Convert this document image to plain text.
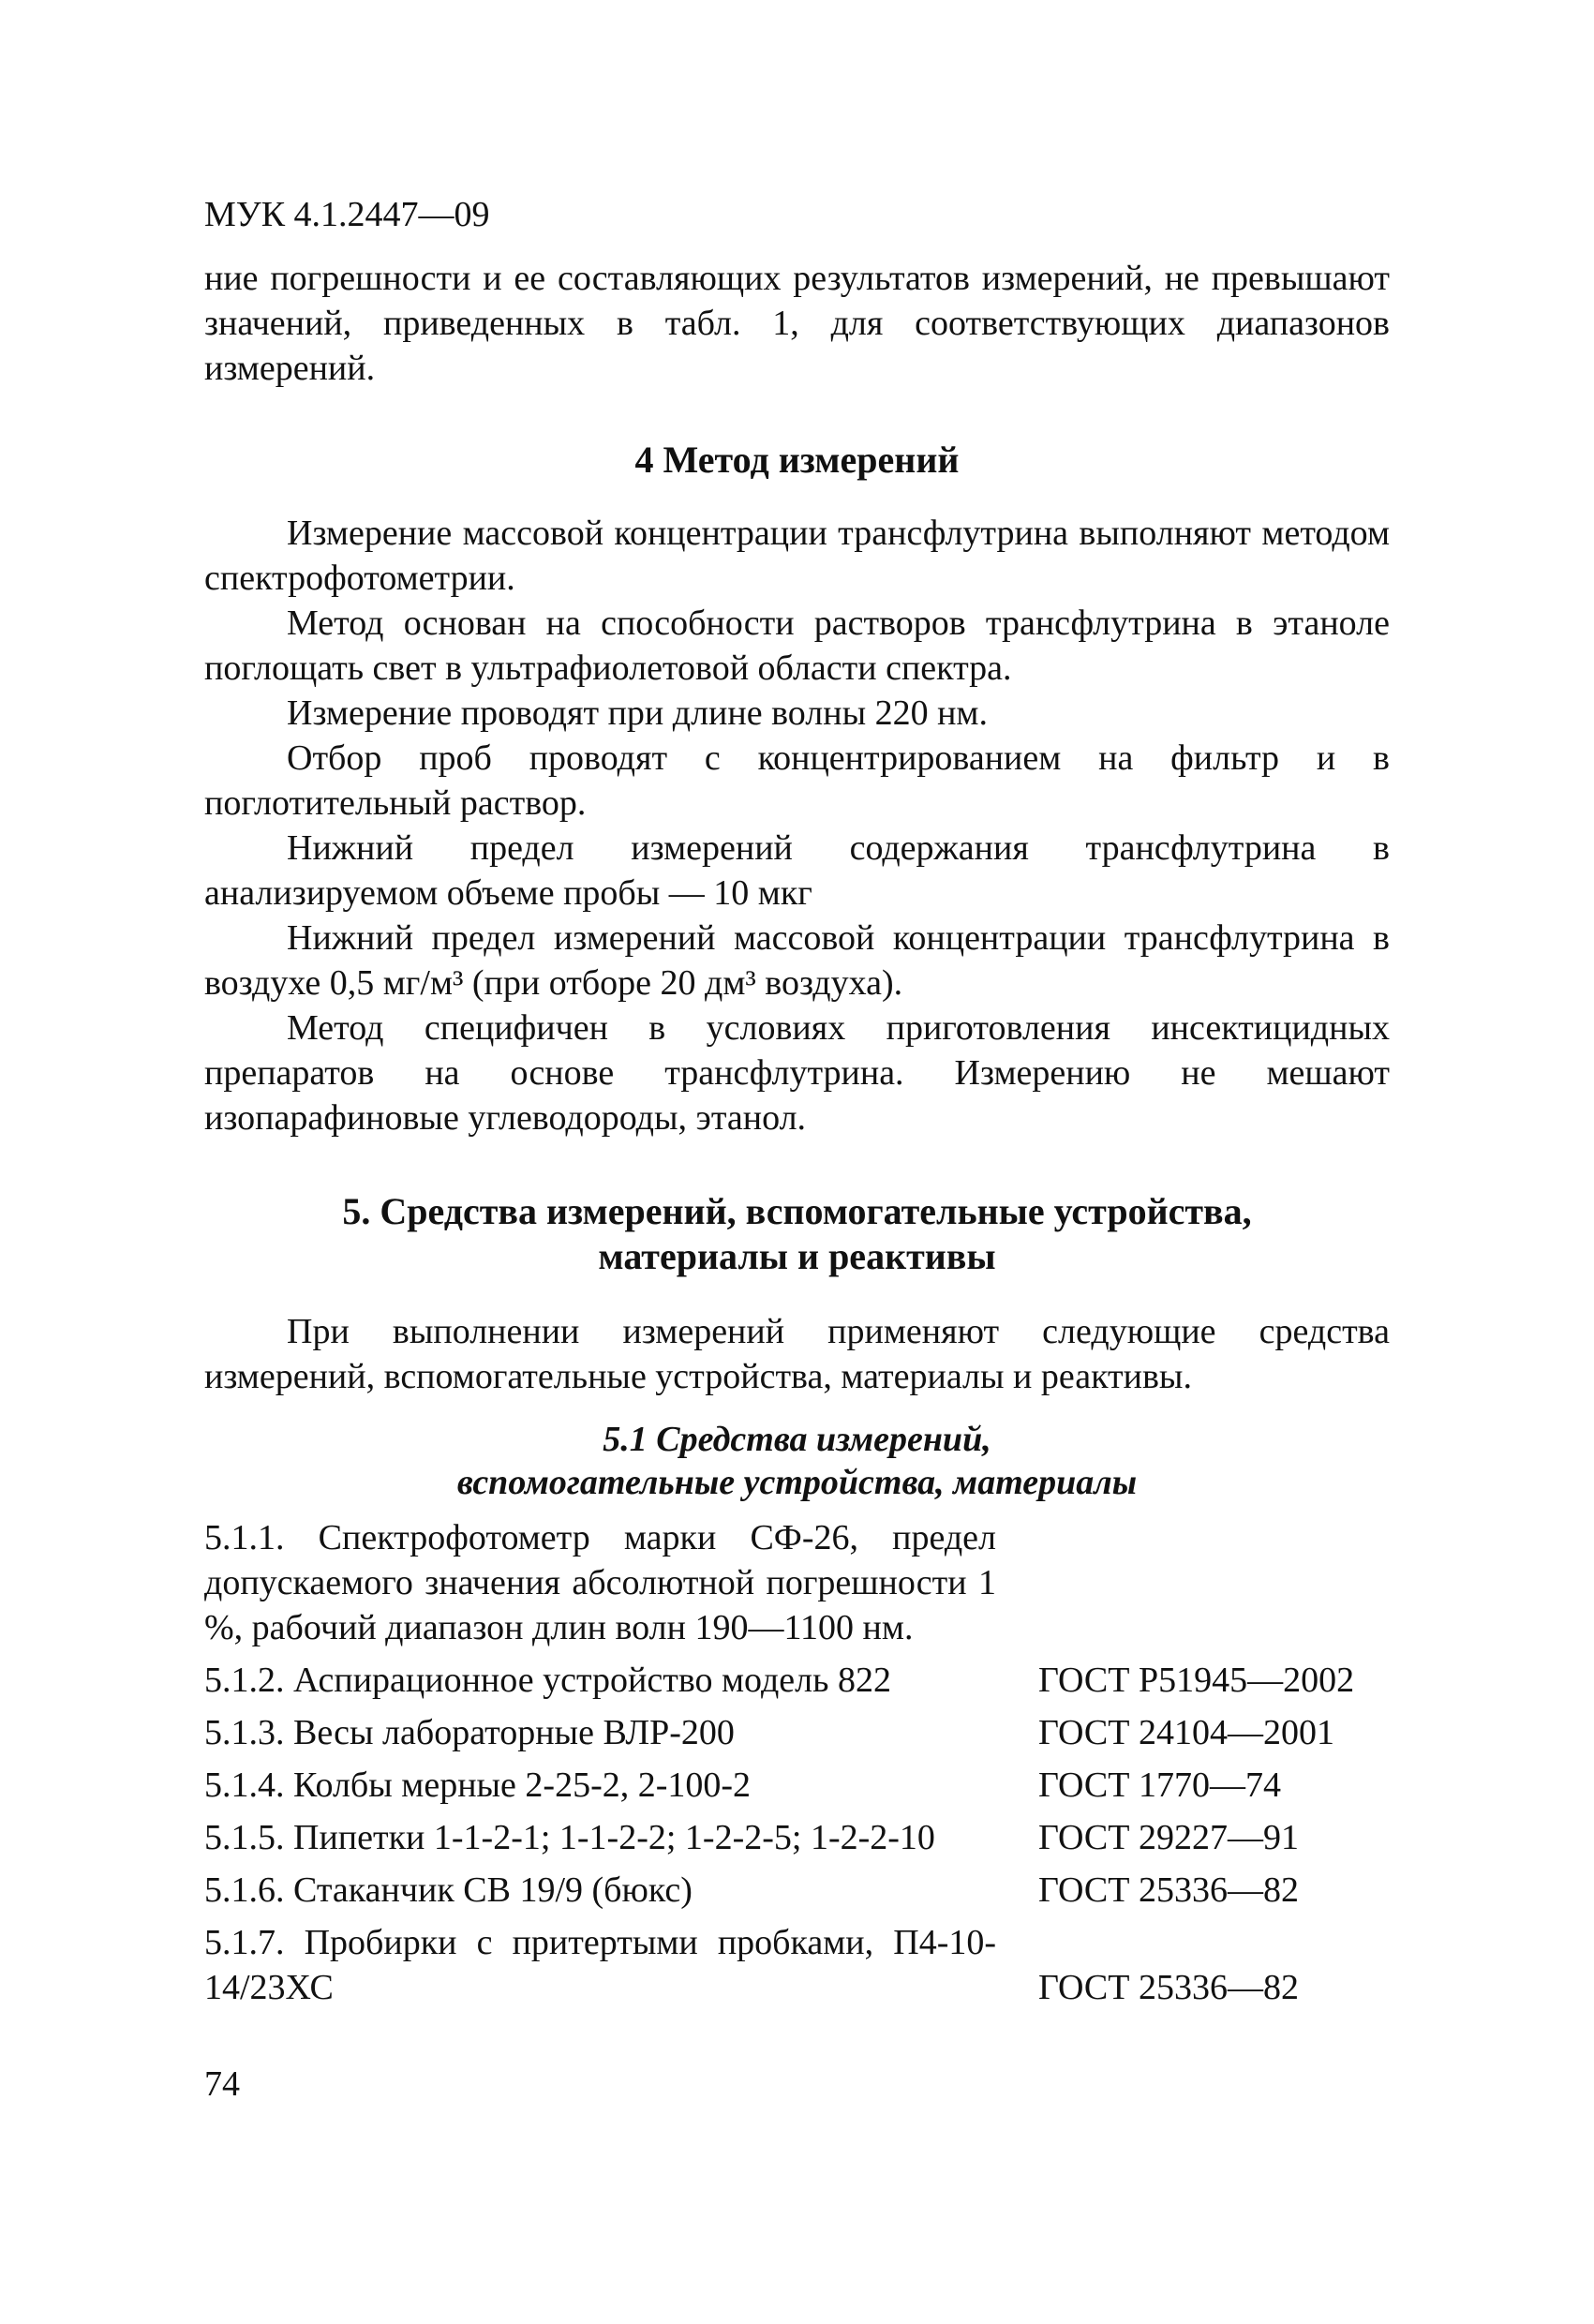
МУК 4.1.2447—09

ние погрешности и ее составляющих результатов измерений, не превышают значений, приведенных в табл. 1, для соответствующих диапазонов измерений.

4 Метод измерений

Измерение массовой концентрации трансфлутрина выполняют методом спектрофотометрии.

Метод основан на способности растворов трансфлутрина в этаноле поглощать свет в ультрафиолетовой области спектра.

Измерение проводят при длине волны 220 нм.

Отбор проб проводят с концентрированием на фильтр и в поглотительный раствор.

Нижний предел измерений содержания трансфлутрина в анализируемом объеме пробы — 10 мкг

Нижний предел измерений массовой концентрации трансфлутрина в воздухе 0,5 мг/м³ (при отборе 20 дм³ воздуха).

Метод специфичен в условиях приготовления инсектицидных препаратов на основе трансфлутрина. Измерению не мешают изопарафиновые углеводороды, этанол.

5. Средства измерений, вспомогательные устройства,
материалы и реактивы

При выполнении измерений применяют следующие средства измерений, вспомогательные устройства, материалы и реактивы.

5.1 Средства измерений,
вспомогательные устройства, материалы
5.1.1. Спектрофотометр марки СФ-26, предел допускаемого значения абсолютной погрешности 1 %, рабочий диапазон длин волн 190—1100 нм.
5.1.2. Аспирационное устройство модель 822	ГОСТ Р51945—2002
5.1.3. Весы лабораторные ВЛР-200	ГОСТ 24104—2001
5.1.4. Колбы мерные 2-25-2, 2-100-2	ГОСТ 1770—74
5.1.5. Пипетки 1-1-2-1; 1-1-2-2; 1-2-2-5; 1-2-2-10	ГОСТ 29227—91
5.1.6. Стаканчик СВ 19/9 (бюкс)	ГОСТ 25336—82
5.1.7. Пробирки с притертыми пробками, П4-10-14/23ХС	ГОСТ 25336—82
74
